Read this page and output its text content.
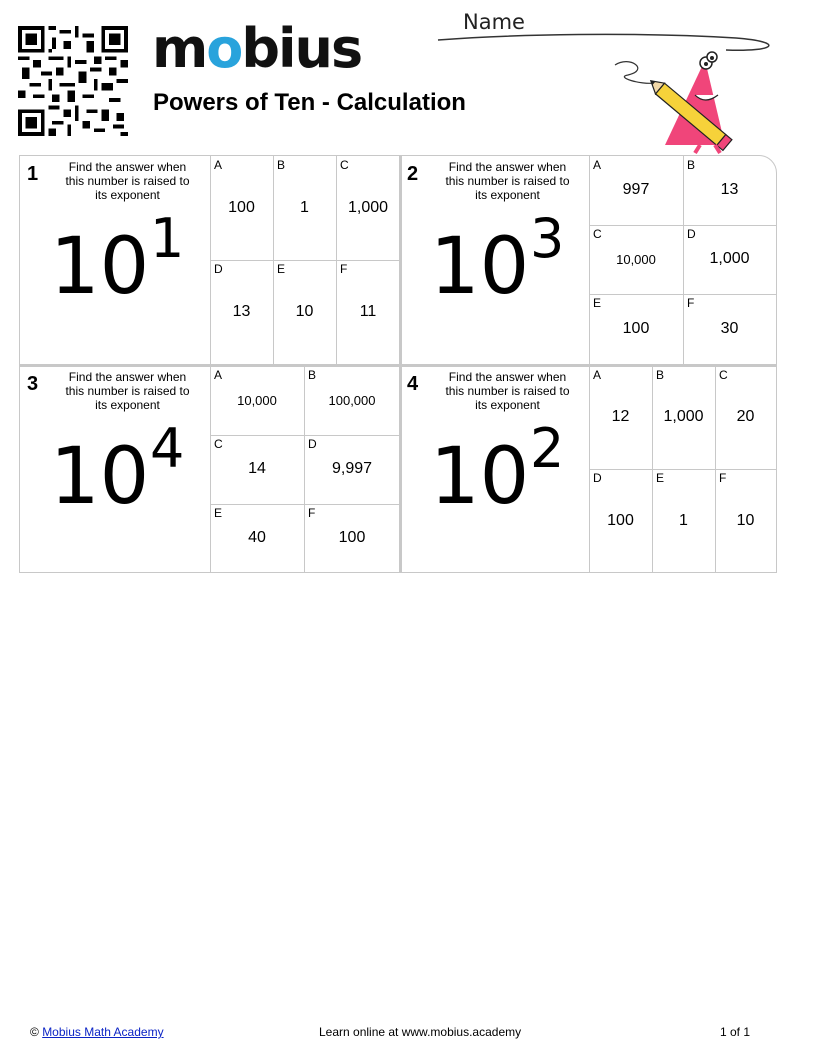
mobius
Powers of Ten - Calculation
Name
1	Find the answer when this number is raised to its exponent
10 1
A
100
B
1
C
1,000
D
13
E
10
F
11
2	Find the answer when this number is raised to its exponent
10 3
A
997
B
13
C
10,000
D
1,000
E
100
F
30
3	Find the answer when this number is raised to its exponent
10 4
A
10,000
B
100,000
C
14
D
9,997
E
40
F
100
4	Find the answer when this number is raised to its exponent
10 2
A
12
B
1,000
C
20
D
100
E
1
F
10
© Mobius Math Academy	Learn online at www.mobius.academy	1 of 1
